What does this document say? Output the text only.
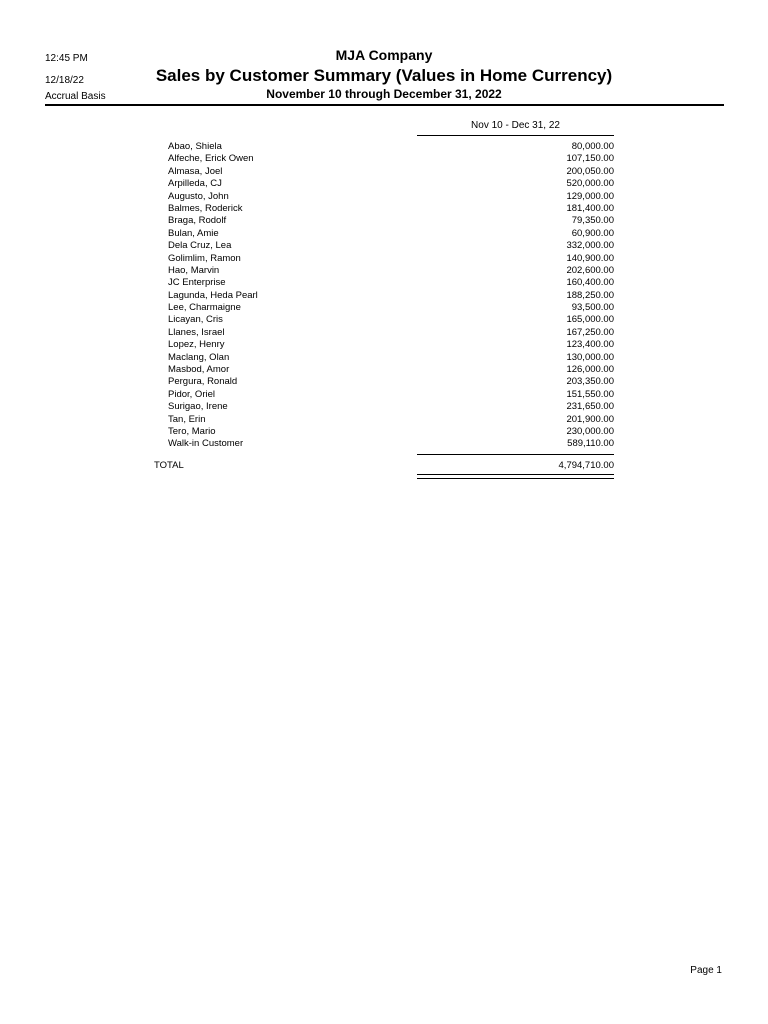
12:45 PM
12/18/22
Accrual Basis
MJA Company
Sales by Customer Summary (Values in Home Currency)
November 10 through December 31, 2022
Nov 10 - Dec 31, 22
Abao, Shiela	80,000.00
Alfeche, Erick Owen	107,150.00
Almasa, Joel	200,050.00
Arpilleda, CJ	520,000.00
Augusto, John	129,000.00
Balmes, Roderick	181,400.00
Braga, Rodolf	79,350.00
Bulan, Amie	60,900.00
Dela Cruz, Lea	332,000.00
Golimlim, Ramon	140,900.00
Hao, Marvin	202,600.00
JC Enterprise	160,400.00
Lagunda, Heda Pearl	188,250.00
Lee, Charmaigne	93,500.00
Licayan, Cris	165,000.00
Llanes, Israel	167,250.00
Lopez, Henry	123,400.00
Maclang, Olan	130,000.00
Masbod, Amor	126,000.00
Pergura, Ronald	203,350.00
Pidor, Oriel	151,550.00
Surigao, Irene	231,650.00
Tan, Erin	201,900.00
Tero, Mario	230,000.00
Walk-in Customer	589,110.00
TOTAL	4,794,710.00
Page 1
